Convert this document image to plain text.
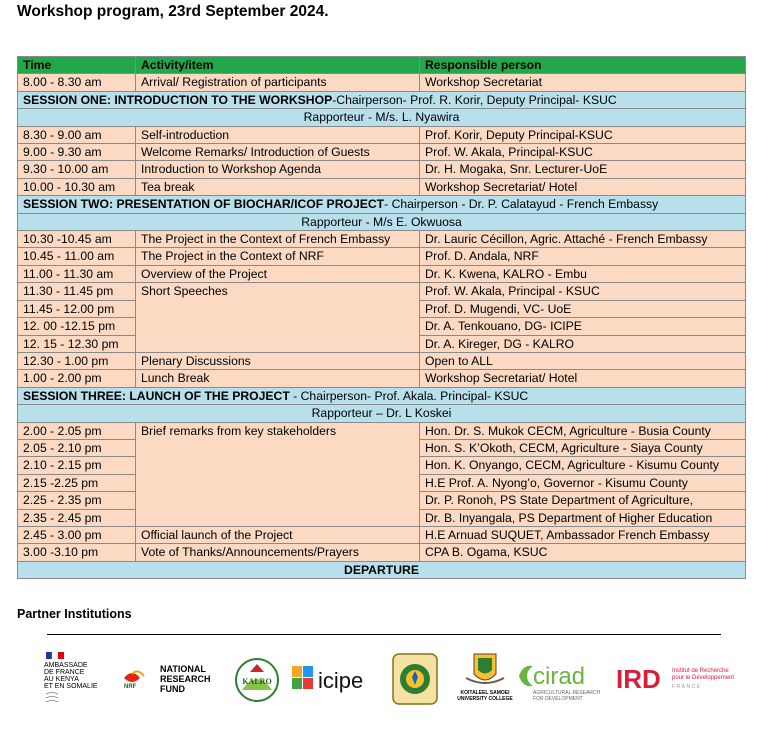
Workshop program, 23rd September 2024.
Time	Activity/item	Responsible person
8.00 - 8.30 am	Arrival/ Registration of participants	Workshop Secretariat
SESSION ONE: INTRODUCTION TO THE WORKSHOP-Chairperson- Prof. R. Korir, Deputy Principal- KSUC		
Rapporteur - M/s. L. Nyawira		
8.30 - 9.00 am	Self-introduction	Prof. Korir, Deputy Principal-KSUC
9.00 - 9.30 am	Welcome Remarks/ Introduction of Guests	Prof. W. Akala, Principal-KSUC
9.30 - 10.00 am	Introduction to Workshop Agenda	Dr. H. Mogaka, Snr. Lecturer-UoE
10.00 - 10.30 am	Tea break	Workshop Secretariat/ Hotel
SESSION TWO: PRESENTATION OF BIOCHAR/ICOF PROJECT- Chairperson - Dr. P. Calatayud - French Embassy		
Rapporteur - M/s E. Okwuosa		
10.30 -10.45 am	The Project in the Context of French Embassy	Dr. Lauric Cécillon, Agric. Attaché - French Embassy
10.45 - 11.00 am	The Project in the Context of NRF	Prof. D. Andala, NRF
11.00 - 11.30 am	Overview of the Project	Dr. K. Kwena, KALRO - Embu
11.30 - 11.45 pm	Short Speeches	Prof. W. Akala, Principal - KSUC
11.45 - 12.00 pm		Prof. D. Mugendi, VC- UoE
12. 00 -12.15 pm		Dr. A. Tenkouano, DG- ICIPE
12. 15 - 12.30 pm		Dr. A. Kireger, DG - KALRO
12.30 - 1.00 pm	Plenary Discussions	Open to ALL
1.00 - 2.00 pm	Lunch Break	Workshop Secretariat/ Hotel
SESSION THREE: LAUNCH OF THE PROJECT - Chairperson- Prof. Akala. Principal- KSUC		
Rapporteur – Dr. L Koskei		
2.00 - 2.05 pm	Brief remarks from key stakeholders	Hon. Dr. S. Mukok CECM, Agriculture - Busia County
2.05 - 2.10 pm		Hon. S. K’Okoth, CECM, Agriculture - Siaya County
2.10 - 2.15 pm		Hon. K. Onyango, CECM, Agriculture - Kisumu County
2.15 -2.25 pm		H.E Prof. A. Nyong’o, Governor - Kisumu County
2.25 - 2.35 pm		Dr. P. Ronoh, PS State Department of Agriculture,
2.35 - 2.45 pm		Dr. B. Inyangala, PS Department of Higher Education
2.45 - 3.00 pm	Official launch of the Project	H.E Arnuad SUQUET, Ambassador French Embassy
3.00 -3.10 pm	Vote of Thanks/Announcements/Prayers	CPA B. Ogama, KSUC
DEPARTURE		
Partner Institutions
AMBASSADE
DE FRANCE
AU KENYA
ET EN SOMALIE	NRF
NATIONAL
RESEARCH
FUND
KALRO icipe	KOITALEEL SAMOEI
UNIVERSITY COLLEGE
cirad
AGRICULTURAL RESEARCH
FOR DEVELOPMENT
IRD Institut de Recherche
pour le Développement
FRANCE
